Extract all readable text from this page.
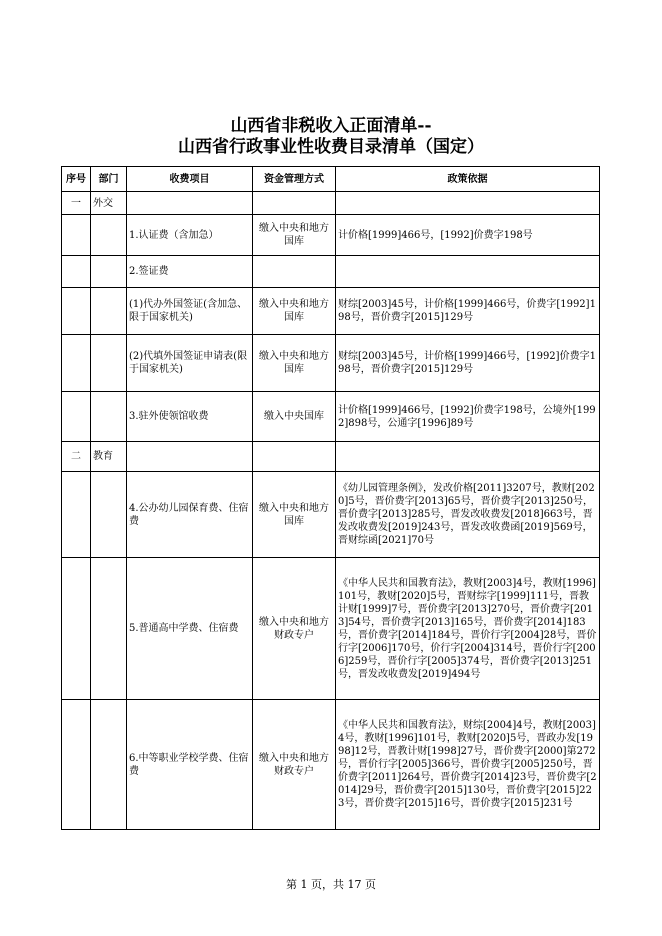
山西省非税收入正面清单--
山西省行政事业性收费目录清单（国定）
序号	部门	收费项目	资金管理方式	政策依据
一	外交			
		1.认证费（含加急）	缴入中央和地方国库	计价格[1999]466号，[1992]价费字198号
		2.签证费		
		(1)代办外国签证(含加急、限于国家机关)	缴入中央和地方国库	财综[2003]45号，计价格[1999]466号，价费字[1992]198号，晋价费字[2015]129号
		(2)代填外国签证申请表(限于国家机关)	缴入中央和地方国库	财综[2003]45号，计价格[1999]466号，[1992]价费字198号，晋价费字[2015]129号
		3.驻外使领馆收费	缴入中央国库	计价格[1999]466号，[1992]价费字198号，公境外[1992]898号，公通字[1996]89号
二	教育			
		4.公办幼儿园保育费、住宿费	缴入中央和地方国库	《幼儿园管理条例》，发改价格[2011]3207号，教财[2020]5号，晋价费字[2013]65号，晋价费字[2013]250号，晋价费字[2013]285号，晋发改收费发[2018]663号，晋发改收费发[2019]243号，晋发改收费函[2019]569号，晋财综函[2021]70号
		5.普通高中学费、住宿费	缴入中央和地方财政专户	《中华人民共和国教育法》，教财[2003]4号，教财[1996]101号，教财[2020]5号，晋财综字[1999]111号，晋教计财[1999]7号，晋价费字[2013]270号，晋价费字[2013]54号，晋价费字[2013]165号，晋价费字[2014]183号，晋价费字[2014]184号，晋价行字[2004]28号，晋价行字[2006]170号，价行字[2004]314号，晋价行字[2006]259号，晋价行字[2005]374号，晋价费字[2013]251号，晋发改收费发[2019]494号
		6.中等职业学校学费、住宿费	缴入中央和地方财政专户	《中华人民共和国教育法》，财综[2004]4号，教财[2003]4号，教财[1996]101号，教财[2020]5号，晋政办发[1998]12号，晋教计财[1998]27号，晋价费字[2000]第272号，晋价行字[2005]366号，晋价费字[2005]250号，晋价费字[2011]264号，晋价费字[2014]23号，晋价费字[2014]29号，晋价费字[2015]130号，晋价费字[2015]223号，晋价费字[2015]16号，晋价费字[2015]231号
第 1 页，共 17 页
